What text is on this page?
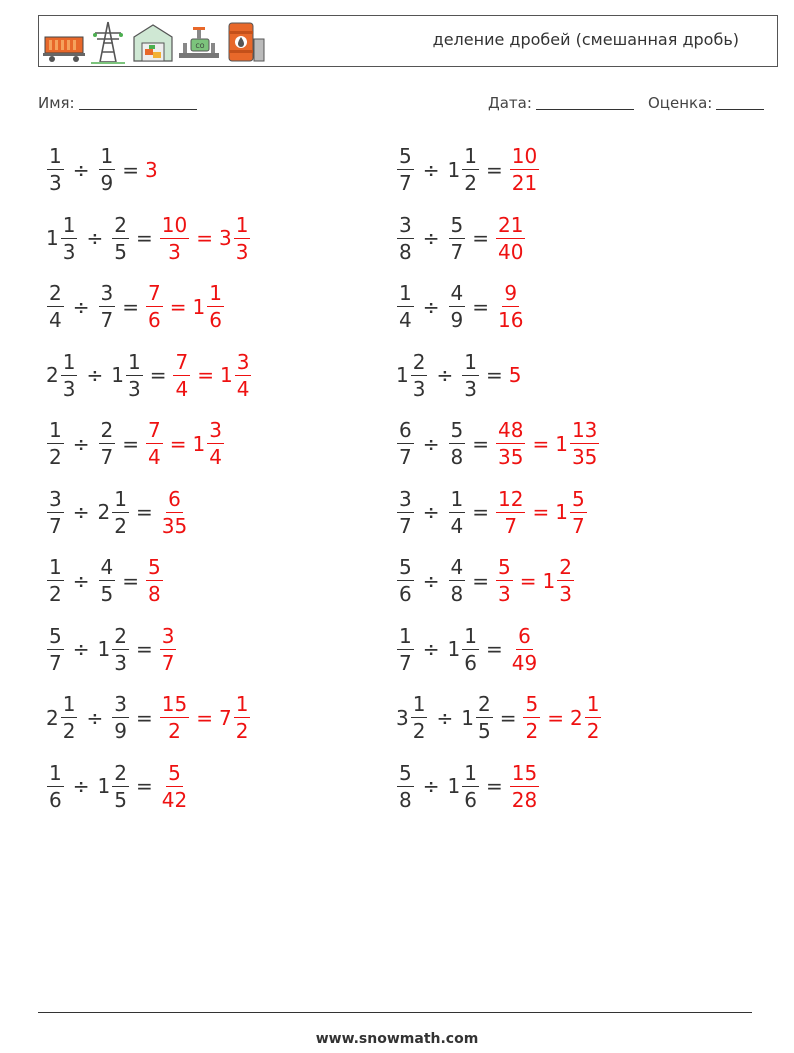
CO	деление дробей (смешанная дробь)
Имя:	Дата:	Оценка:
$\frac{1}{3} \div \frac{1}{9} = 3$	$\frac{5}{7} \div 1 \frac{1}{2} = \frac{10}{21}$
$1 \frac{1}{3} \div \frac{2}{5} = \frac{10}{3} = 3 \frac{1}{3}$	$\frac{3}{8} \div \frac{5}{7} = \frac{21}{40}$
$\frac{2}{4} \div \frac{3}{7} = \frac{7}{6} = 1 \frac{1}{6}$	$\frac{1}{4} \div \frac{4}{9} = \frac{9}{16}$
$2 \frac{1}{3} \div 1 \frac{1}{3} = \frac{7}{4} = 1 \frac{3}{4}$	$1 \frac{2}{3} \div \frac{1}{3} = 5$
$\frac{1}{2} \div \frac{2}{7} = \frac{7}{4} = 1 \frac{3}{4}$	$\frac{6}{7} \div \frac{5}{8} = \frac{48}{35} = 1 \frac{13}{35}$
$\frac{3}{7} \div 2 \frac{1}{2} = \frac{6}{35}$	$\frac{3}{7} \div \frac{1}{4} = \frac{12}{7} = 1 \frac{5}{7}$
$\frac{1}{2} \div \frac{4}{5} = \frac{5}{8}$	$\frac{5}{6} \div \frac{4}{8} = \frac{5}{3} = 1 \frac{2}{3}$
$\frac{5}{7} \div 1 \frac{2}{3} = \frac{3}{7}$	$\frac{1}{7} \div 1 \frac{1}{6} = \frac{6}{49}$
$2 \frac{1}{2} \div \frac{3}{9} = \frac{15}{2} = 7 \frac{1}{2}$	$3 \frac{1}{2} \div 1 \frac{2}{5} = \frac{5}{2} = 2 \frac{1}{2}$
$\frac{1}{6} \div 1 \frac{2}{5} = \frac{5}{42}$	$\frac{5}{8} \div 1 \frac{1}{6} = \frac{15}{28}$
www.snowmath.com
